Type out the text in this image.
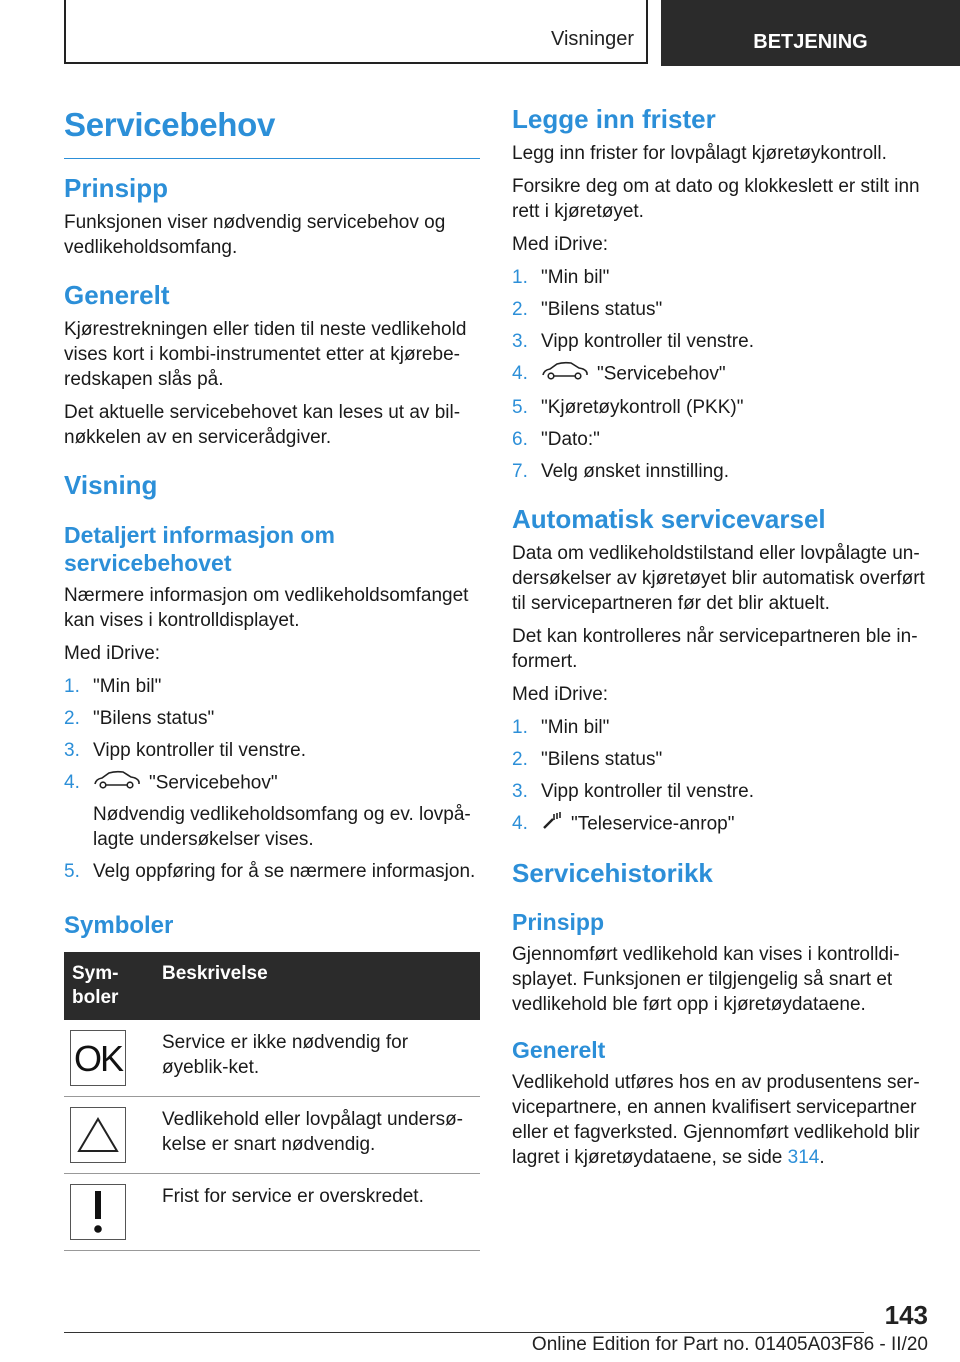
Visninger	BETJENING
Servicebehov
Prinsipp

Funksjonen viser nødvendig servicebehov og vedlikeholdsomfang.

Generelt

Kjørestrekningen eller tiden til neste vedlikehold vises kort i kombi-instrumentet etter at kjørebe-redskapen slås på.

Det aktuelle servicebehovet kan leses ut av bil-nøkkelen av en servicerådgiver.

Visning
Detaljert informasjon om servicebehovet

Nærmere informasjon om vedlikeholdsomfanget kan vises i kontrolldisplayet.

Med iDrive:

1. "Min bil"
2. "Bilens status"
3. Vipp kontroller til venstre.
4.	"Servicebehov"
Nødvendig vedlikeholdsomfang og ev. lovpå-lagte undersøkelser vises.
5. Velg oppføring for å se nærmere informasjon.
Symboler
Sym-boler	Beskrivelse

OK	Service er ikke nødvendig for øyeblik-ket.

	Vedlikehold eller lovpålagt undersø-kelse er snart nødvendig.

	Frist for service er overskredet.
Legge inn frister

Legg inn frister for lovpålagt kjøretøykontroll.

Forsikre deg om at dato og klokkeslett er stilt inn rett i kjøretøyet.

Med iDrive:

1. "Min bil"
2. "Bilens status"
3. Vipp kontroller til venstre.
4.	"Servicebehov"
5. "Kjøretøykontroll (PKK)"
6. "Dato:"
7. Velg ønsket innstilling.
Automatisk servicevarsel

Data om vedlikeholdstilstand eller lovpålagte un-dersøkelser av kjøretøyet blir automatisk overført til servicepartneren før det blir aktuelt.

Det kan kontrolleres når servicepartneren ble in-formert.

Med iDrive:

1. "Min bil"
2. "Bilens status"
3. Vipp kontroller til venstre.
4.	"Teleservice-anrop"
Servicehistorikk
Prinsipp

Gjennomført vedlikehold kan vises i kontrolldi-splayet. Funksjonen er tilgjengelig så snart et vedlikehold ble ført opp i kjøretøydataene.

Generelt

Vedlikehold utføres hos en av produsentens ser-vicepartnere, en annen kvalifisert servicepartner eller et fagverksted. Gjennomført vedlikehold blir lagret i kjøretøydataene, se side 314.

143
Online Edition for Part no. 01405A03F86 - II/20
